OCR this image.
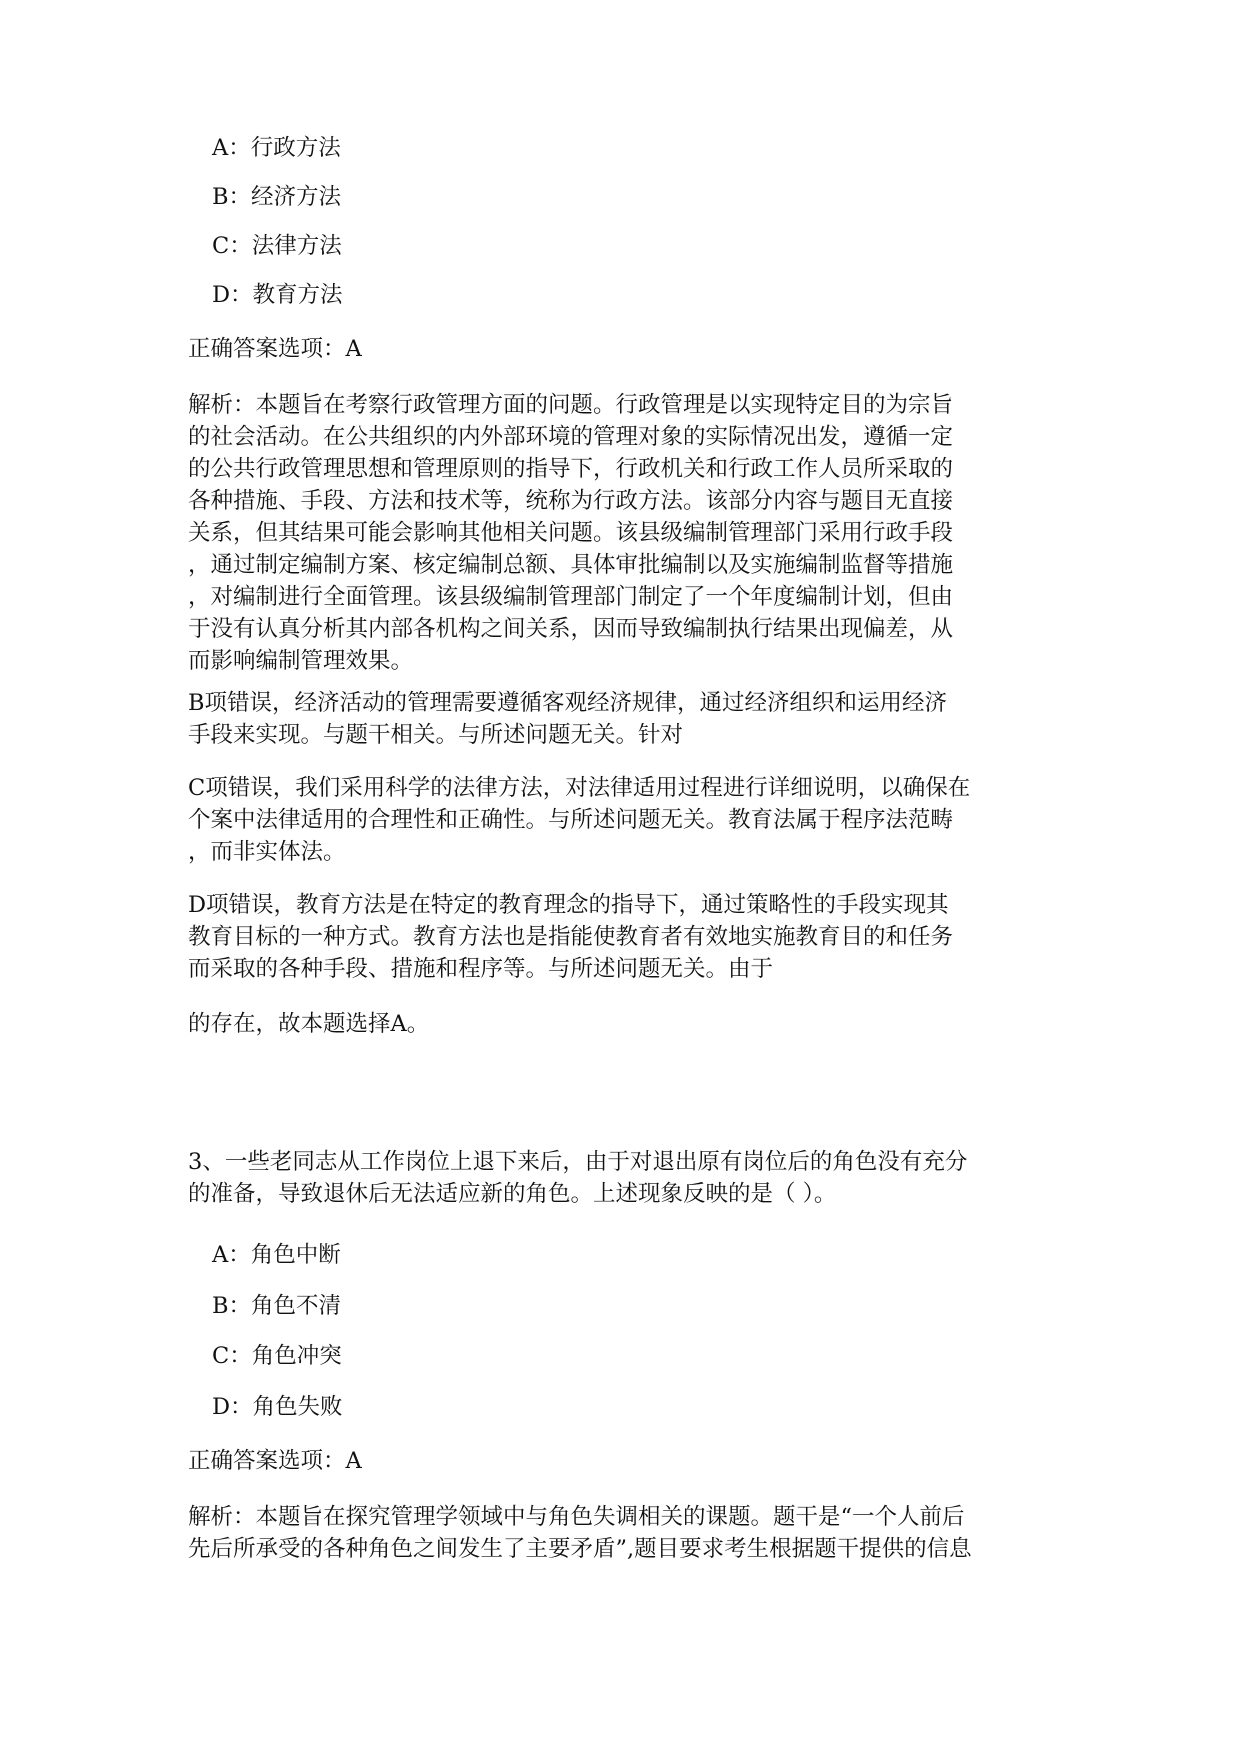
A：行政方法
B：经济方法
C：法律方法
D：教育方法
正确答案选项：A
解析：本题旨在考察行政管理方面的问题。行政管理是以实现特定目的为宗旨
的社会活动。在公共组织的内外部环境的管理对象的实际情况出发，遵循一定
的公共行政管理思想和管理原则的指导下，行政机关和行政工作人员所采取的
各种措施、手段、方法和技术等，统称为行政方法。该部分内容与题目无直接
关系，但其结果可能会影响其他相关问题。该县级编制管理部门采用行政手段
，通过制定编制方案、核定编制总额、具体审批编制以及实施编制监督等措施
，对编制进行全面管理。该县级编制管理部门制定了一个年度编制计划，但由
于没有认真分析其内部各机构之间关系，因而导致编制执行结果出现偏差，从
而影响编制管理效果。
B项错误，经济活动的管理需要遵循客观经济规律，通过经济组织和运用经济
手段来实现。与题干相关。与所述问题无关。针对
C项错误，我们采用科学的法律方法，对法律适用过程进行详细说明，以确保在
个案中法律适用的合理性和正确性。与所述问题无关。教育法属于程序法范畴
，而非实体法。
D项错误，教育方法是在特定的教育理念的指导下，通过策略性的手段实现其
教育目标的一种方式。教育方法也是指能使教育者有效地实施教育目的和任务
而采取的各种手段、措施和程序等。与所述问题无关。由于
的存在，故本题选择A。
3、一些老同志从工作岗位上退下来后，由于对退出原有岗位后的角色没有充分
的准备，导致退休后无法适应新的角色。上述现象反映的是（ ）。
A：角色中断
B：角色不清
C：角色冲突
D：角色失败
正确答案选项：A
解析：本题旨在探究管理学领域中与角色失调相关的课题。题干是“一个人前后
先后所承受的各种角色之间发生了主要矛盾”,题目要求考生根据题干提供的信息
